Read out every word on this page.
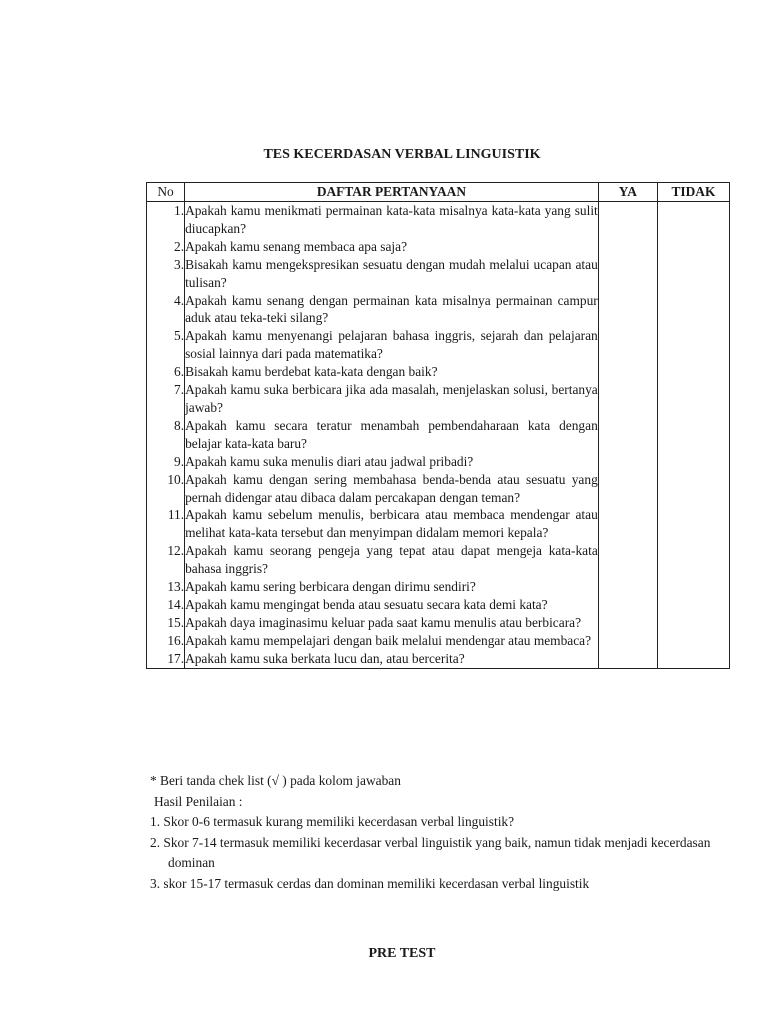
TES KECERDASAN VERBAL LINGUISTIK
No	DAFTAR PERTANYAAN	YA	TIDAK
1.	Apakah kamu menikmati permainan kata-kata misalnya kata-kata yang sulit diucapkan?		
2.	Apakah kamu senang membaca apa saja?		
3.	Bisakah kamu mengekspresikan sesuatu dengan mudah melalui ucapan atau tulisan?		
4.	Apakah kamu senang dengan permainan kata misalnya permainan campur aduk atau teka-teki silang?		
5.	Apakah kamu menyenangi pelajaran bahasa inggris, sejarah dan pelajaran sosial lainnya dari pada matematika?		
6.	Bisakah kamu berdebat kata-kata dengan baik?		
7.	Apakah kamu suka berbicara jika ada masalah, menjelaskan solusi, bertanya jawab?		
8.	Apakah kamu secara teratur menambah pembendaharaan kata dengan belajar kata-kata baru?		
9.	Apakah kamu suka menulis diari atau jadwal pribadi?		
10.	Apakah kamu dengan sering membahasa benda-benda atau sesuatu yang pernah didengar atau dibaca dalam percakapan dengan teman?		
11.	Apakah kamu sebelum menulis, berbicara atau membaca mendengar atau melihat kata-kata tersebut dan menyimpan didalam memori kepala?		
12.	Apakah kamu seorang pengeja yang tepat atau dapat mengeja kata-kata bahasa inggris?		
13.	Apakah kamu sering berbicara dengan dirimu sendiri?		
14.	Apakah kamu mengingat benda atau sesuatu secara kata demi kata?		
15.	Apakah daya imaginasimu keluar pada saat kamu menulis atau berbicara?		
16.	Apakah kamu mempelajari dengan baik melalui mendengar atau membaca?		
17.	Apakah kamu suka berkata lucu dan, atau bercerita?		
* Beri tanda chek list (√ ) pada kolom jawaban
Hasil Penilaian :
1. Skor 0-6 termasuk kurang memiliki kecerdasan verbal linguistik?
2. Skor 7-14 termasuk memiliki kecerdasar verbal linguistik yang baik, namun tidak menjadi kecerdasan dominan
3. skor 15-17 termasuk cerdas dan dominan memiliki kecerdasan verbal linguistik
PRE TEST
